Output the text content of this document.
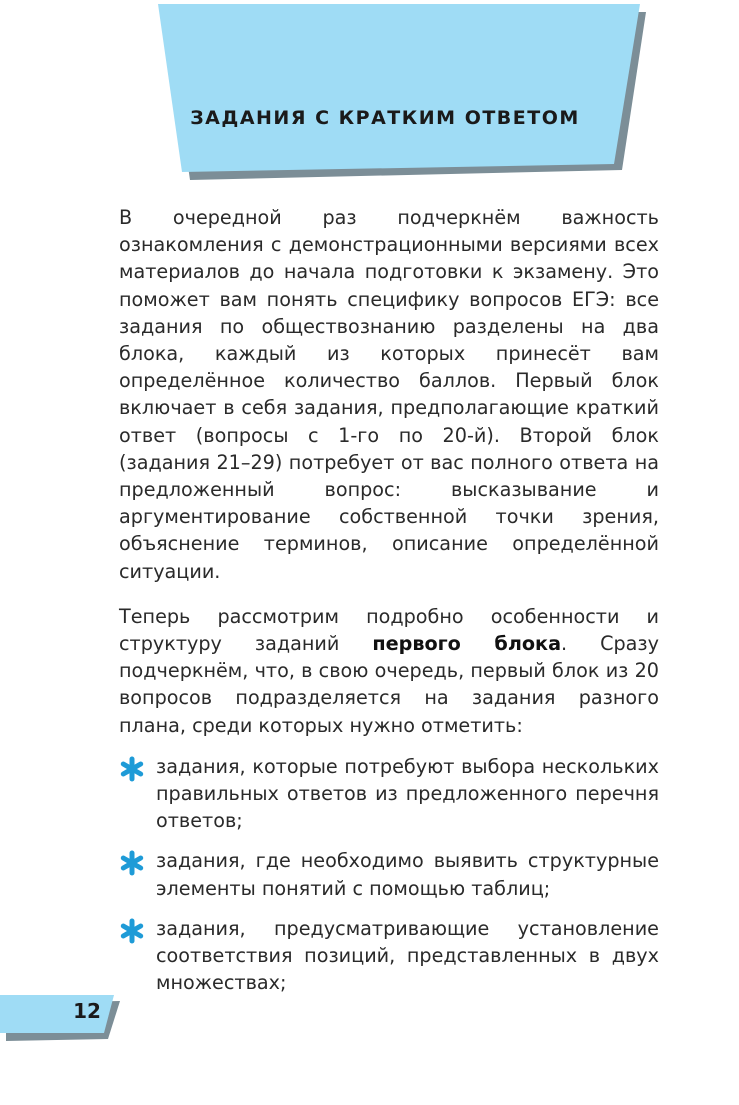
ЗАДАНИЯ С КРАТКИМ ОТВЕТОМ

В очередной раз подчеркнём важность ознакомления с демонстрационными версиями всех материалов до начала подготовки к экзамену. Это поможет вам понять специфику вопросов ЕГЭ: все задания по обществознанию разделены на два блока, каждый из которых принесёт вам определённое количество баллов. Первый блок включает в себя задания, предполагающие краткий ответ (вопросы с 1-го по 20-й). Второй блок (задания 21–29) потребует от вас полного ответа на предложенный вопрос: высказывание и аргументирование собственной точки зрения, объяснение терминов, описание определённой ситуации.

Теперь рассмотрим подробно особенности и структуру заданий первого блока. Сразу подчеркнём, что, в свою очередь, первый блок из 20 вопросов подразделяется на задания разного плана, среди которых нужно отметить:

задания, которые потребуют выбора нескольких правильных ответов из предложенного перечня ответов;
задания, где необходимо выявить структурные элементы понятий с помощью таблиц;
задания, предусматривающие установление соответствия позиций, представленных в двух множествах;
12
